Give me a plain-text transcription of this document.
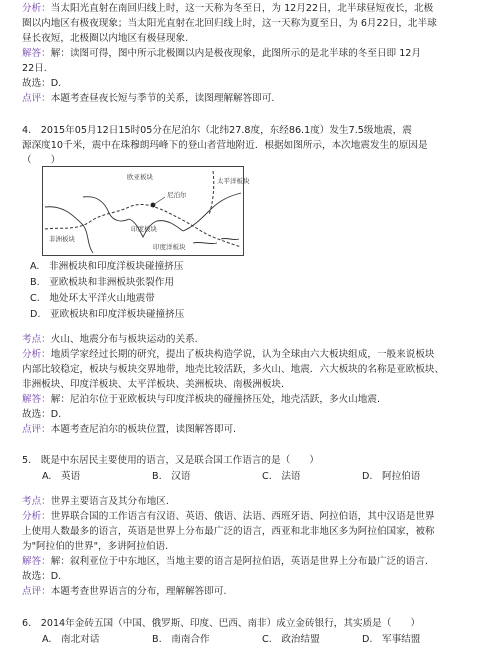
分析：当太阳光直射在南回归线上时，这一天称为冬至日，为 12月22日，北半球昼短夜长，北极
圈以内地区有极夜现象；当太阳光直射在北回归线上时，这一天称为夏至日，为 6月22日，北半球
昼长夜短，北极圈以内地区有极昼现象.
解答：解：读图可得，图中所示北极圈以内是极夜现象，此图所示的是北半球的冬至日即 12月
22日.
故选：D.
点评：本题考查昼夜长短与季节的关系，读图理解解答即可.
4.　2015年05月12日15时05分在尼泊尔（北纬27.8度，东经86.1度）发生7.5级地震，震
源深度10千米，震中在珠穆朗玛峰下的登山者营地附近．根据如图所示，本次地震发生的原因是
（　　）
欧亚板块
尼泊尔
印度洋板块
非洲板块
太平洋板块
印度板块
A.　非洲板块和印度洋板块碰撞挤压
B.　亚欧板块和非洲板块张裂作用
C.　地处环太平洋火山地震带
D.　亚欧板块和印度洋板块碰撞挤压
考点：火山、地震分布与板块运动的关系.
分析：地质学家经过长期的研究，提出了板块构造学说，认为全球由六大板块组成，一般来说板块
内部比较稳定，板块与板块交界地带，地壳比较活跃，多火山、地震．六大板块的名称是亚欧板块、
非洲板块、印度洋板块、太平洋板块、美洲板块、南极洲板块.
解答：解：尼泊尔位于亚欧板块与印度洋板块的碰撞挤压处，地壳活跃，多火山地震.
故选：D.
点评：本题考查尼泊尔的板块位置，读图解答即可.
5.　既是中东居民主要使用的语言，又是联合国工作语言的是（　　）
A.　英语	B.　汉语	C.　法语	D.　阿拉伯语
考点：世界主要语言及其分布地区.
分析：世界联合国的工作语言有汉语、英语、俄语、法语、西班牙语、阿拉伯语，其中汉语是世界
上使用人数最多的语言，英语是世界上分布最广泛的语言，西亚和北非地区多为阿拉伯国家，被称
为"阿拉伯的世界"，多讲阿拉伯语.
解答：解：叙利亚位于中东地区，当地主要的语言是阿拉伯语，英语是世界上分布最广泛的语言.
故选：D.
点评：本题考查世界语言的分布，理解解答即可.
6.　2014年金砖五国（中国、俄罗斯、印度、巴西、南非）成立金砖银行，其实质是（　　）
A.　南北对话	B.　南南合作	C.　政治结盟	D.　军事结盟
